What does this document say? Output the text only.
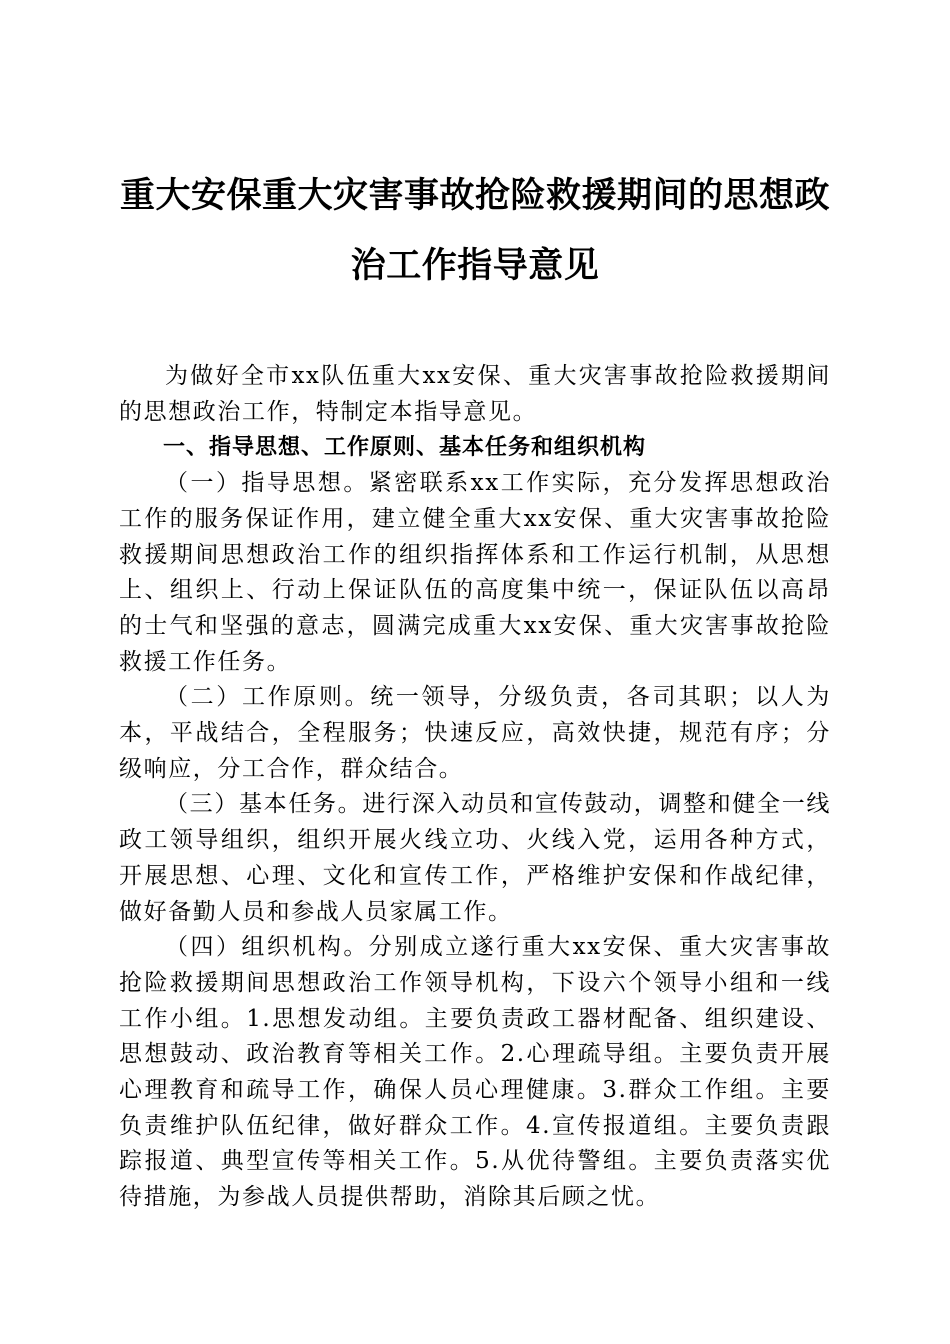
重大安保重大灾害事故抢险救援期间的思想政
治工作指导意见

为做好全市xx队伍重大xx安保、重大灾害事故抢险救援期间的思想政治工作，特制定本指导意见。

一、指导思想、工作原则、基本任务和组织机构

（一）指导思想。紧密联系xx工作实际，充分发挥思想政治工作的服务保证作用，建立健全重大xx安保、重大灾害事故抢险救援期间思想政治工作的组织指挥体系和工作运行机制，从思想上、组织上、行动上保证队伍的高度集中统一，保证队伍以高昂的士气和坚强的意志，圆满完成重大xx安保、重大灾害事故抢险救援工作任务。

（二）工作原则。统一领导，分级负责，各司其职；以人为本，平战结合，全程服务；快速反应，高效快捷，规范有序；分级响应，分工合作，群众结合。

（三）基本任务。进行深入动员和宣传鼓动，调整和健全一线政工领导组织，组织开展火线立功、火线入党，运用各种方式，开展思想、心理、文化和宣传工作，严格维护安保和作战纪律，做好备勤人员和参战人员家属工作。

（四）组织机构。分别成立遂行重大xx安保、重大灾害事故抢险救援期间思想政治工作领导机构，下设六个领导小组和一线工作小组。1.思想发动组。主要负责政工器材配备、组织建设、思想鼓动、政治教育等相关工作。2.心理疏导组。主要负责开展心理教育和疏导工作，确保人员心理健康。3.群众工作组。主要负责维护队伍纪律，做好群众工作。4.宣传报道组。主要负责跟踪报道、典型宣传等相关工作。5.从优待警组。主要负责落实优待措施，为参战人员提供帮助，消除其后顾之忧。
